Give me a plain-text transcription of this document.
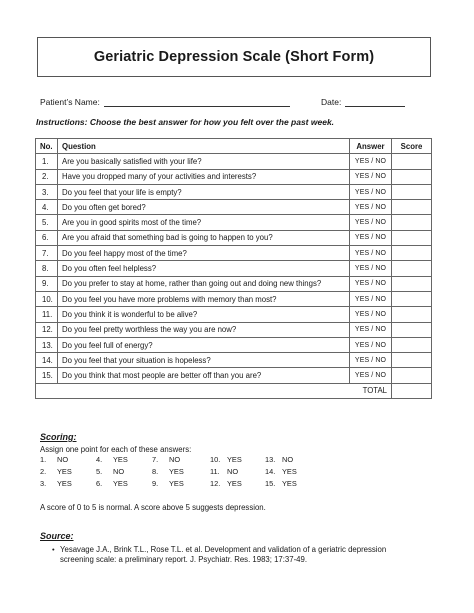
Geriatric Depression Scale (Short Form)
Patient’s Name:	Date:
Instructions: Choose the best answer for how you felt over the past week.
No.	Question	Answer	Score
1.	Are you basically satisfied with your life?	YES / NO	
2.	Have you dropped many of your activities and interests?	YES / NO	
3.	Do you feel that your life is empty?	YES / NO	
4.	Do you often get bored?	YES / NO	
5.	Are you in good spirits most of the time?	YES / NO	
6.	Are you afraid that something bad is going to happen to you?	YES / NO	
7.	Do you feel happy most of the time?	YES / NO	
8.	Do you often feel helpless?	YES / NO	
9.	Do you prefer to stay at home, rather than going out and doing new things?	YES / NO	
10.	Do you feel you have more problems with memory than most?	YES / NO	
11.	Do you think it is wonderful to be alive?	YES / NO	
12.	Do you feel pretty worthless the way you are now?	YES / NO	
13.	Do you feel full of energy?	YES / NO	
14.	Do you feel that your situation is hopeless?	YES / NO	
15.	Do you think that most people are better off than you are?	YES / NO	
TOTAL			
Scoring:
Assign one point for each of these answers:
1. NO	4. YES	7. NO	10. YES	13. NO
2. YES	5. NO	8. YES	11. NO	14. YES
3. YES	6. YES	9. YES	12. YES	15. YES
A score of 0 to 5 is normal. A score above 5 suggests depression.
Source:
• Yesavage J.A., Brink T.L., Rose T.L. et al. Development and validation of a geriatric depression screening scale: a preliminary report. J. Psychiatr. Res. 1983; 17:37-49.
